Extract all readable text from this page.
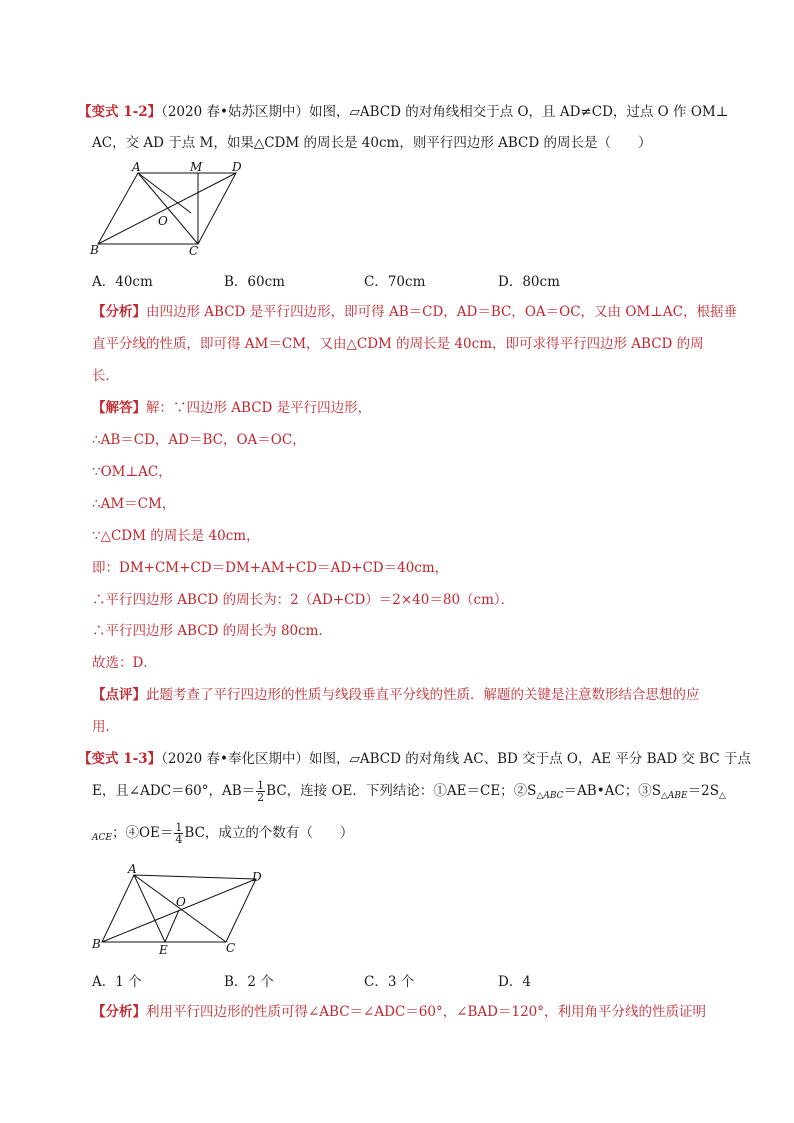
【变式 1-2】（2020 春•姑苏区期中）如图，▱ABCD 的对角线相交于点 O，且 AD≠CD，过点 O 作 OM⊥
AC，交 AD 于点 M，如果△CDM 的周长是 40cm，则平行四边形 ABCD 的周长是（　　）
A	M D
O
B	C
A．40cm	B．60cm	C．70cm	D．80cm
【分析】由四边形 ABCD 是平行四边形，即可得 AB＝CD，AD＝BC，OA＝OC，又由 OM⊥AC，根据垂
直平分线的性质，即可得 AM＝CM，又由△CDM 的周长是 40cm，即可求得平行四边形 ABCD 的周
长．
【解答】解：∵四边形 ABCD 是平行四边形，
∴AB＝CD，AD＝BC，OA＝OC，
∵OM⊥AC，
∴AM＝CM，
∵△CDM 的周长是 40cm，
即：DM+CM+CD＝DM+AM+CD＝AD+CD＝40cm，
∴平行四边形 ABCD 的周长为：2（AD+CD）＝2×40＝80（cm）．
∴平行四边形 ABCD 的周长为 80cm．
故选：D．
【点评】此题考查了平行四边形的性质与线段垂直平分线的性质．解题的关键是注意数形结合思想的应
用．
【变式 1-3】（2020 春•奉化区期中）如图，▱ABCD 的对角线 AC、BD 交于点 O，AE 平分 BAD 交 BC 于点
E，且∠ADC＝60°，$AB= \frac{1}{2}$ BC，连接 OE．下列结论：①AE＝CE；$②S_{\triangle ABC}=AB•AC$；$③S_{\triangle ABE}=2S_\triangle$
$_{ACE}$；④OE＝ $\frac{1}{4}$ BC，成立的个数有（　　）
A
D
O
B	E	C
A．1 个	B．2 个	C．3 个	D．4
【分析】利用平行四边形的性质可得∠ABC＝∠ADC＝60°，∠BAD＝120°，利用角平分线的性质证明
